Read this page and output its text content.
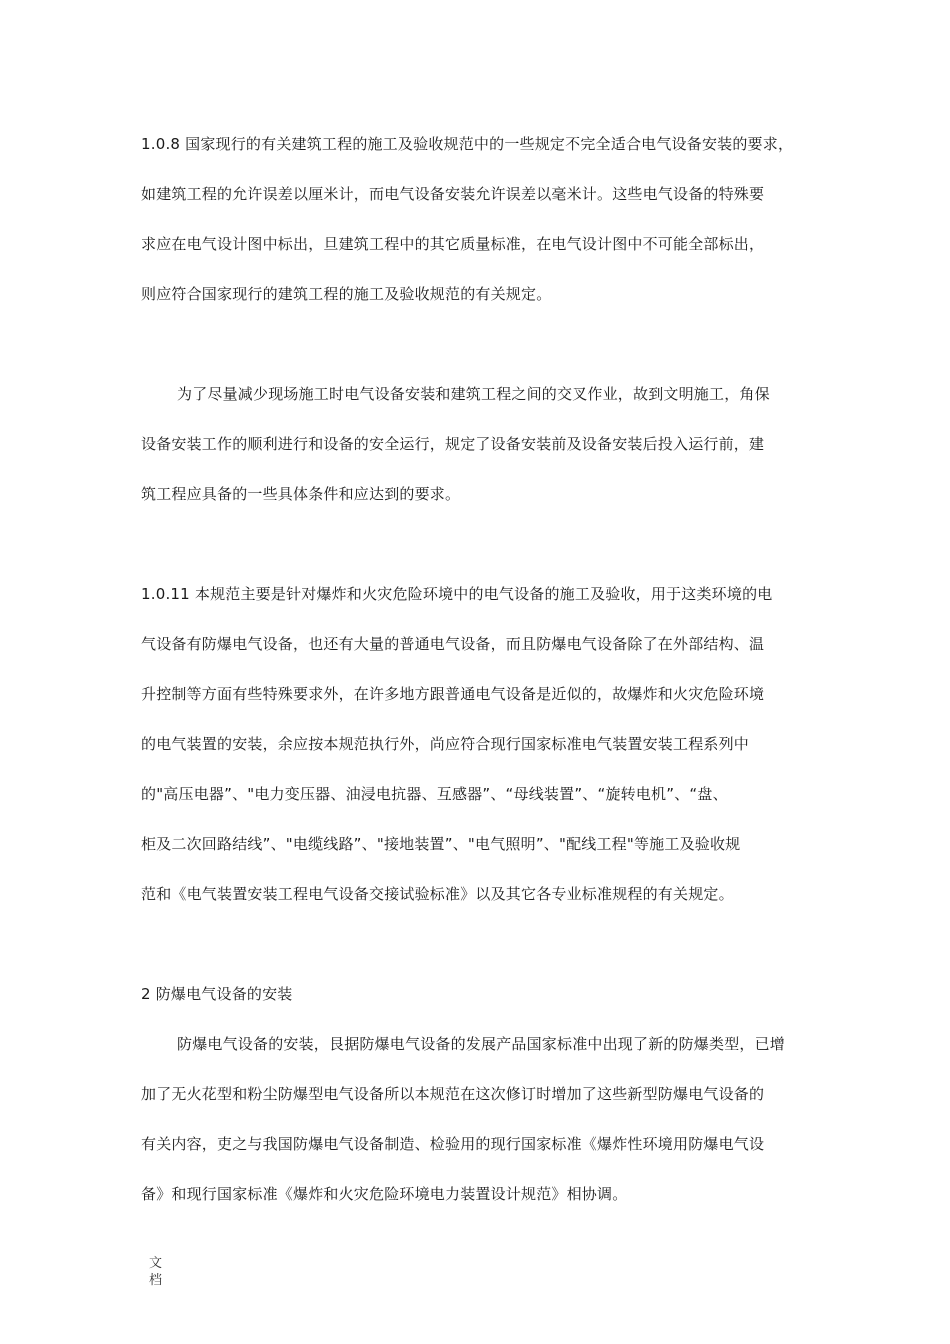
1.0.8 国家现行的有关建筑工程的施工及验收规范中的一些规定不完全适合电气设备安装的要求，
如建筑工程的允许误差以厘米计，而电气设备安装允许误差以毫米计。这些电气设备的特殊要
求应在电气设计图中标出，旦建筑工程中的其它质量标准，在电气设计图中不可能全部标出，
则应符合国家现行的建筑工程的施工及验收规范的有关规定。
为了尽量减少现场施工时电气设备安装和建筑工程之间的交叉作业，故到文明施工，角保
设备安装工作的顺利进行和设备的安全运行，规定了设备安装前及设备安装后投入运行前，建
筑工程应具备的一些具体条件和应达到的要求。
1.0.11 本规范主要是针对爆炸和火灾危险环境中的电气设备的施工及验收，用于这类环境的电
气设备有防爆电气设备，也还有大量的普通电气设备，而且防爆电气设备除了在外部结构、温
升控制等方面有些特殊要求外，在许多地方跟普通电气设备是近似的，故爆炸和火灾危险环境
的电气装置的安装，余应按本规范执行外，尚应符合现行国家标准电气装置安装工程系列中
的"高压电器”、"电力变压器、油浸电抗器、互感器”、“母线装置”、“旋转电机”、“盘、
柜及二次回路结线”、"电缆线路”、"接地装置”、"电气照明”、"配线工程"等施工及验收规
范和《电气装置安装工程电气设备交接试验标准》以及其它各专业标准规程的有关规定。
2 防爆电气设备的安装
防爆电气设备的安装，艮据防爆电气设备的发展产品国家标准中出现了新的防爆类型，已增
加了无火花型和粉尘防爆型电气设备所以本规范在这次修订时增加了这些新型防爆电气设备的
有关内容，吏之与我国防爆电气设备制造、检验用的现行国家标准《爆炸性环境用防爆电气设
备》和现行国家标准《爆炸和火灾危险环境电力装置设计规范》相协调。
文
档
